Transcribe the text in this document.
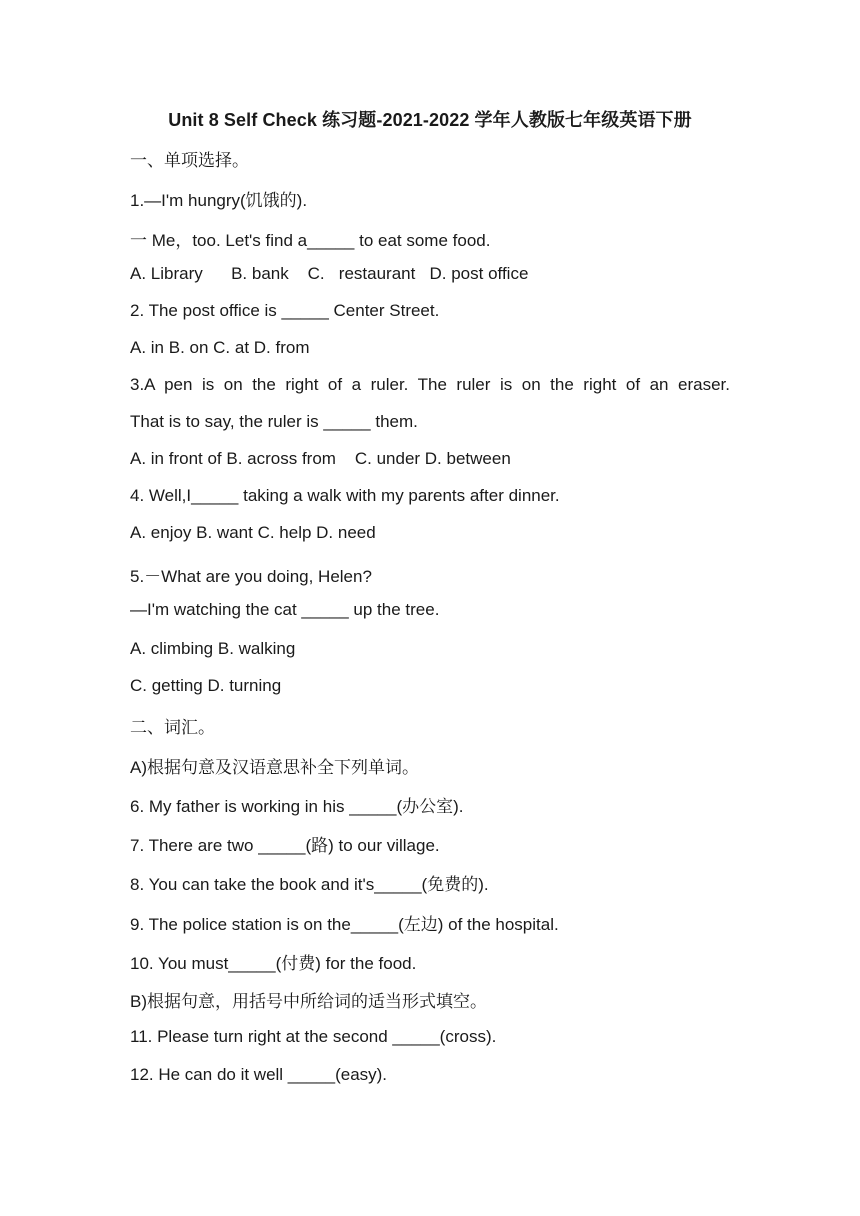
Unit 8 Self Check 练习题-2021-2022 学年人教版七年级英语下册
一、单项选择。
1.—I'm hungry(饥饿的).
一 Me，too. Let's find a_____ to eat some food.
A. Library      B. bank    C.   restaurant   D. post office
2. The post office is _____ Center Street.
A. in B. on C. at D. from
3.A pen is on the right of a ruler. The ruler is on the right of an eraser.
That is to say, the ruler is _____ them.
A. in front of B. across from    C. under D. between
4. Well,I_____ taking a walk with my parents after dinner.
A. enjoy B. want C. help D. need
5.－What are you doing, Helen?
—I'm watching the cat _____ up the tree.
A. climbing B. walking
C. getting D. turning
二、词汇。
A)根据句意及汉语意思补全下列单词。
6. My father is working in his _____(办公室).
7. There are two _____(路) to our village.
8. You can take the book and it's_____(免费的).
9. The police station is on the_____(左边) of the hospital.
10. You must_____(付费) for the food.
B)根据句意，用括号中所给词的适当形式填空。
11. Please turn right at the second _____(cross).
12. He can do it well _____(easy).
